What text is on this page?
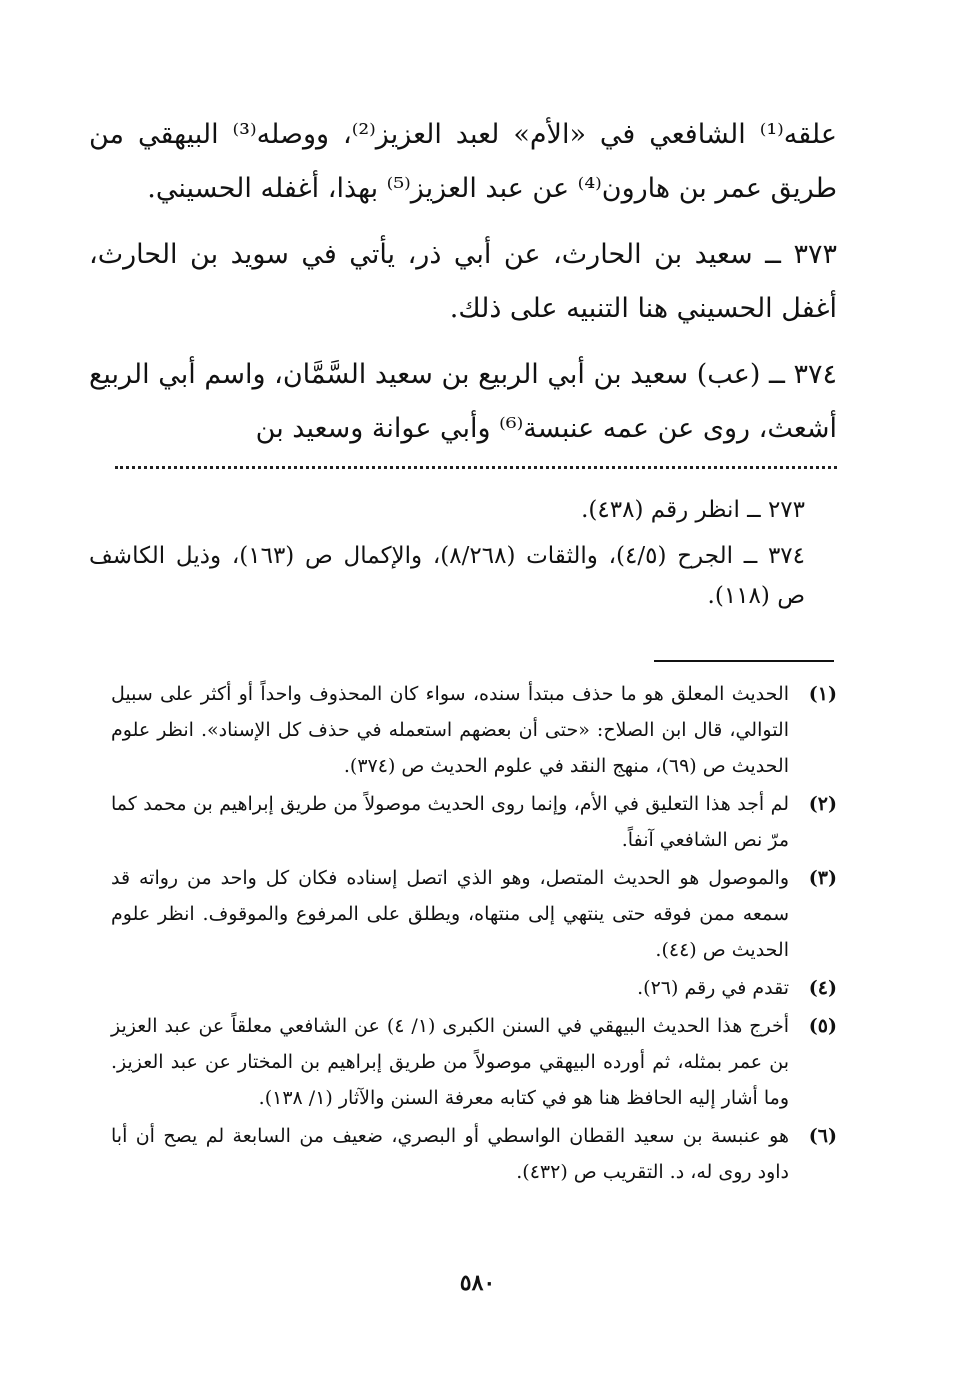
علقه⁽¹⁾ الشافعي في «الأم» لعبد العزيز⁽²⁾، ووصله⁽³⁾ البيهقي من طريق عمر بن هارون⁽⁴⁾ عن عبد العزيز⁽⁵⁾ بهذا، أغفله الحسيني.

٣٧٣ ــ سعيد بن الحارث، عن أبي ذر، يأتي في سويد بن الحارث، أغفل الحسيني هنا التنبيه على ذلك.

٣٧٤ ــ (عب) سعيد بن أبي الربيع بن سعيد السَّمَّان، واسم أبي الربيع أشعث، روى عن عمه عنبسة⁽⁶⁾ وأبي عوانة وسعيد بن

٢٧٣ ــ انظر رقم (٤٣٨).

٣٧٤ ــ الجرح (٤/٥)، والثقات (٨/٢٦٨)، والإكمال ص (١٦٣)، وذيل الكاشف ص (١١٨).

(١)
الحديث المعلق هو ما حذف مبتدأ سنده، سواء كان المحذوف واحداً أو أكثر على سبيل التوالي، قال ابن الصلاح: «حتى أن بعضهم استعمله في حذف كل الإسناد». انظر علوم الحديث ص (٦٩)، منهج النقد في علوم الحديث ص (٣٧٤).
(٢)
لم أجد هذا التعليق في الأم، وإنما روى الحديث موصولاً من طريق إبراهيم بن محمد كما مرّ نص الشافعي آنفاً.
(٣)
والموصول هو الحديث المتصل، وهو الذي اتصل إسناده فكان كل واحد من رواته قد سمعه ممن فوقه حتى ينتهي إلى منتهاه، ويطلق على المرفوع والموقوف. انظر علوم الحديث ص (٤٤).
(٤)
تقدم في رقم (٢٦).
(٥)
أخرج هذا الحديث البيهقي في السنن الكبرى (١/ ٤) عن الشافعي معلقاً عن عبد العزيز بن عمر بمثله، ثم أورده البيهقي موصولاً من طريق إبراهيم بن المختار عن عبد العزيز. وما أشار إليه الحافظ هنا هو في كتابه معرفة السنن والآثار (١/ ١٣٨).
(٦)
هو عنبسة بن سعيد القطان الواسطي أو البصري، ضعيف من السابعة لم يصح أن أبا داود روى له، د. التقريب ص (٤٣٢).
٥٨٠
